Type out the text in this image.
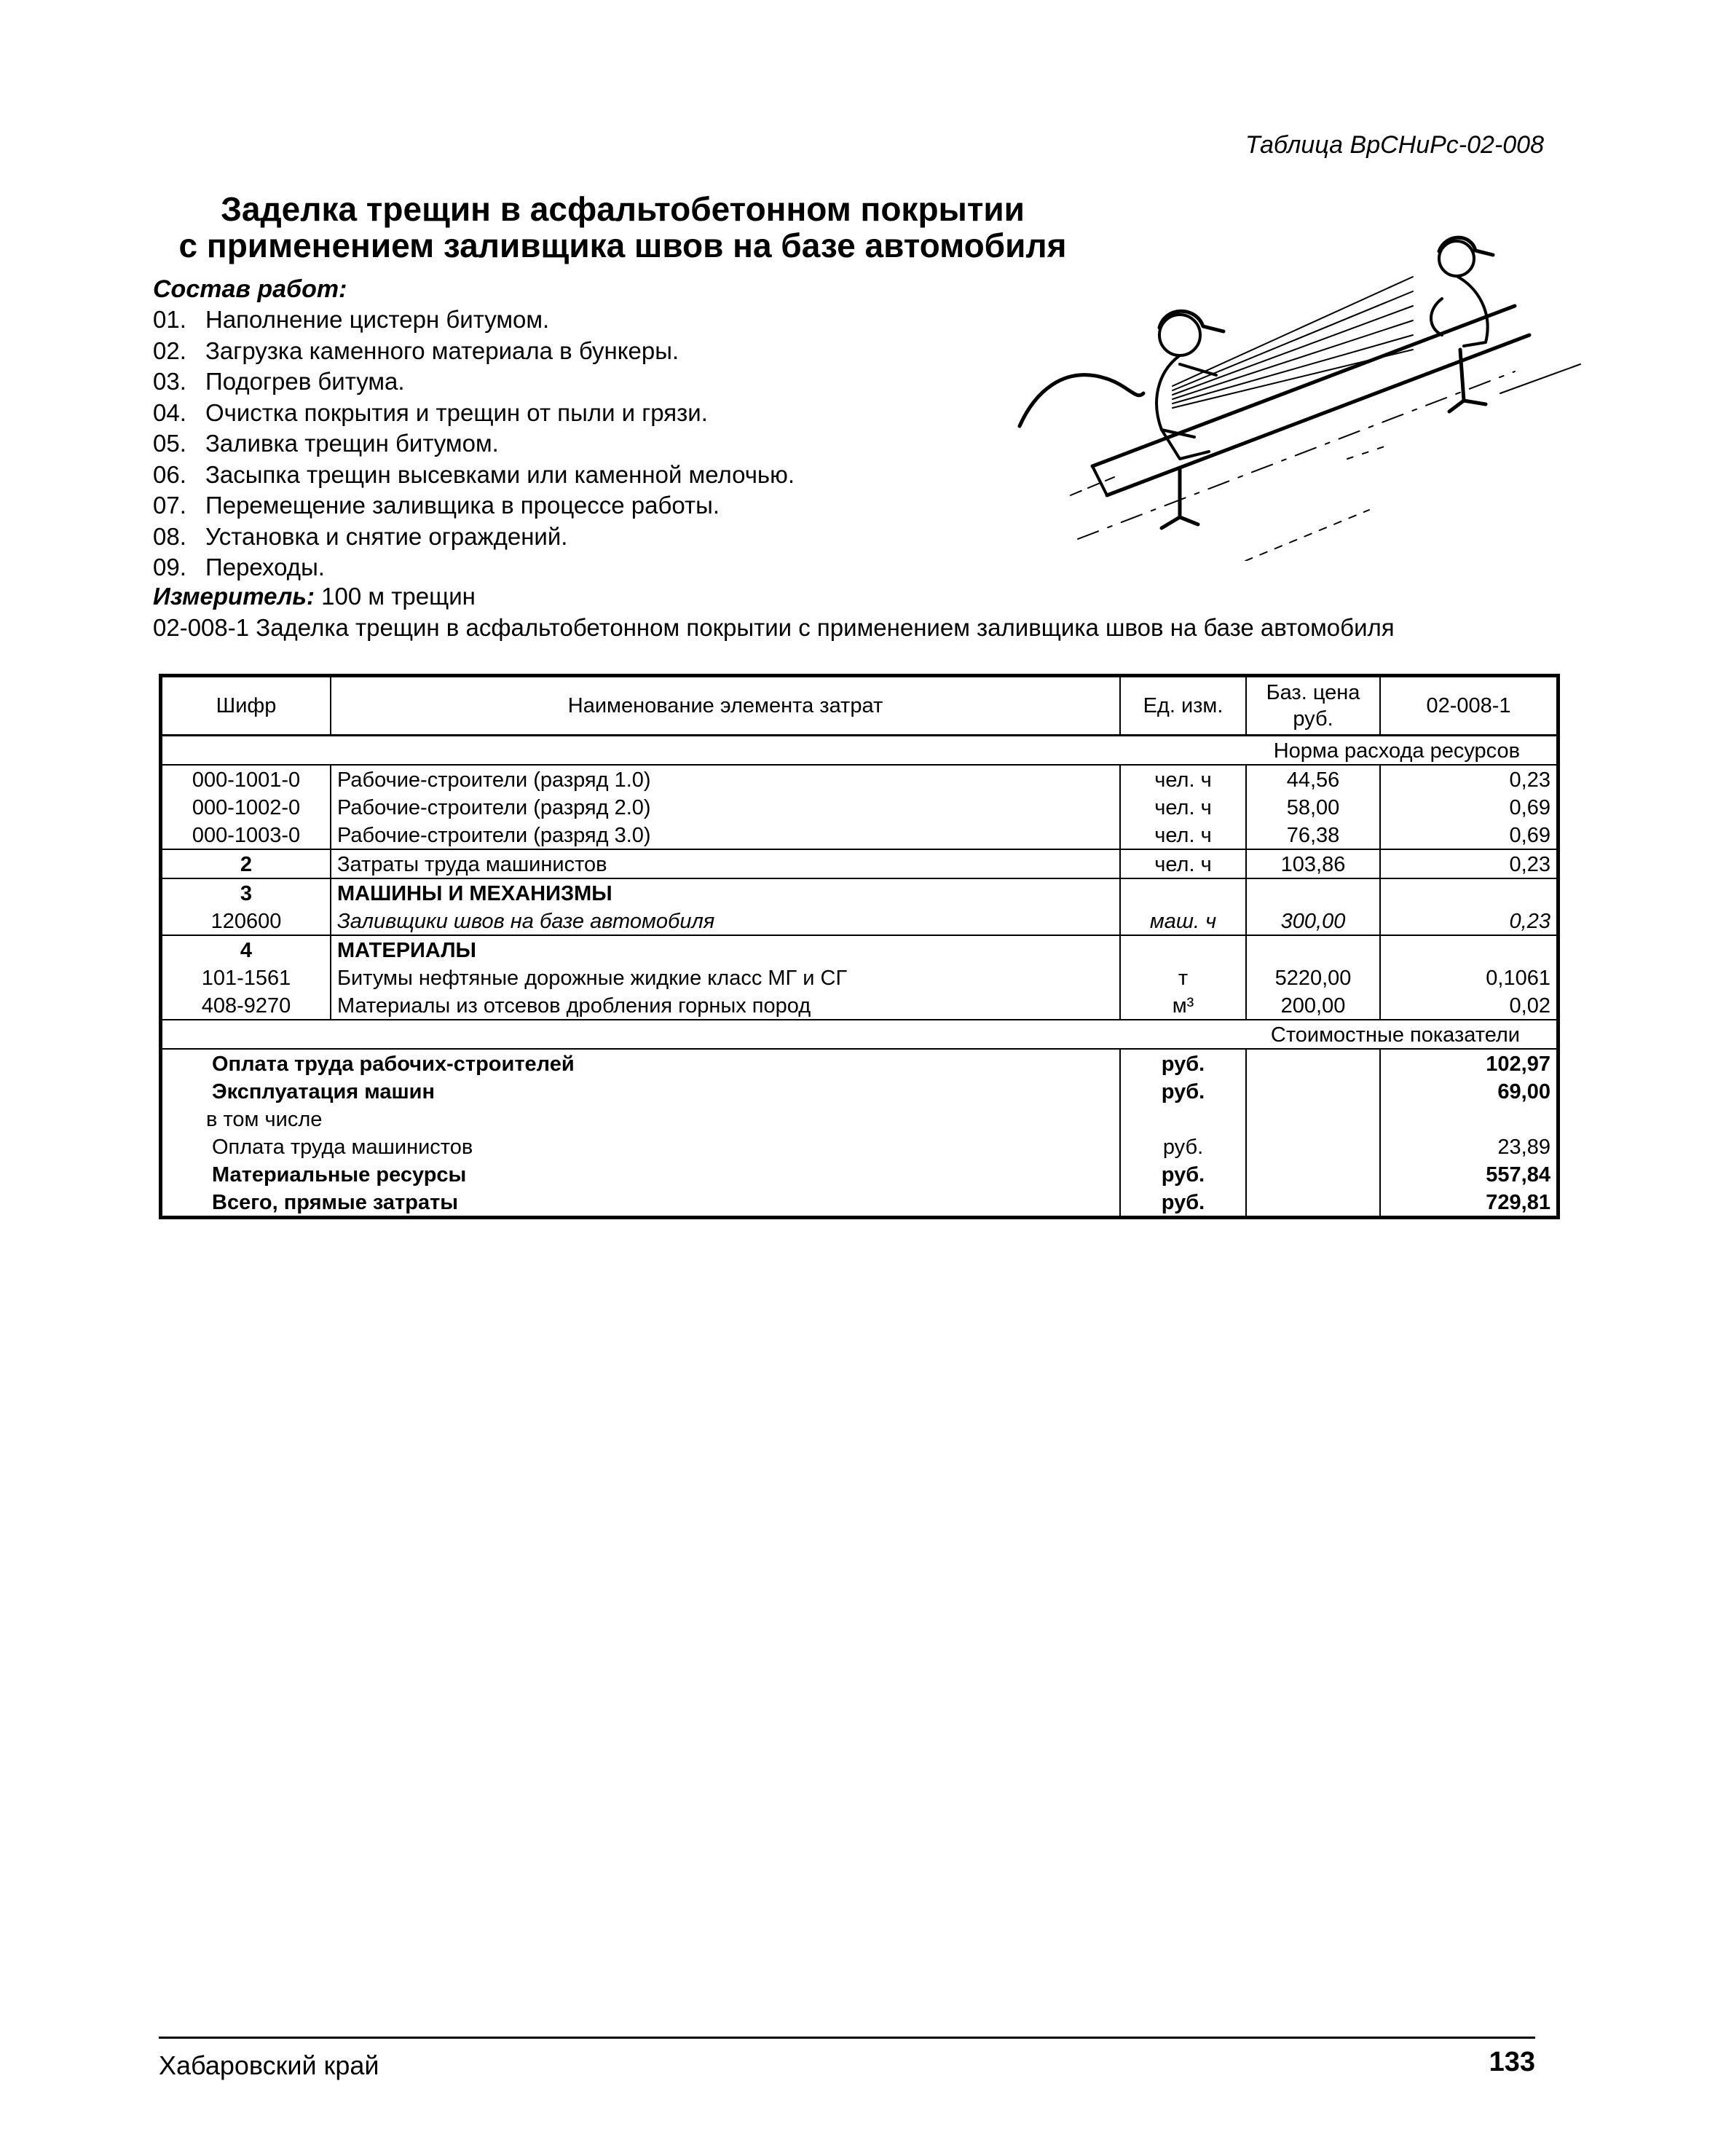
Таблица ВрСНиРс-02-008
Заделка трещин в асфальтобетонном покрытии
с применением заливщика швов на базе автомобиля
Состав работ:
01. Наполнение цистерн битумом.
02. Загрузка каменного материала в бункеры.
03. Подогрев битума.
04. Очистка покрытия и трещин от пыли и грязи.
05. Заливка трещин битумом.
06. Засыпка трещин высевками или каменной мелочью.
07. Перемещение заливщика в процессе работы.
08. Установка и снятие ограждений.
09. Переходы.
Измеритель: 100 м трещин
02-008-1 Заделка трещин в асфальтобетонном покрытии с применением заливщика швов на базе автомобиля
Шифр	Наименование элемента затрат	Ед. изм.	Баз. цена руб.	02-008-1
Норма расхода ресурсов				
000-1001-0	Рабочие-строители (разряд 1.0)	чел. ч	44,56	0,23
000-1002-0	Рабочие-строители (разряд 2.0)	чел. ч	58,00	0,69
000-1003-0	Рабочие-строители (разряд 3.0)	чел. ч	76,38	0,69
2	Затраты труда машинистов	чел. ч	103,86	0,23
3	МАШИНЫ И МЕХАНИЗМЫ			
120600	Заливщики швов на базе автомобиля	маш. ч	300,00	0,23
4	МАТЕРИАЛЫ			
101-1561	Битумы нефтяные дорожные жидкие класс МГ и СГ	т	5220,00	0,1061
408-9270	Материалы из отсевов дробления горных пород	м³	200,00	0,02
Стоимостные показатели				
Оплата труда рабочих-строителей		руб.		102,97
Эксплуатация машин		руб.		69,00
в том числе				
Оплата труда машинистов		руб.		23,89
Материальные ресурсы		руб.		557,84
Всего, прямые затраты		руб.		729,81
Хабаровский край	133
